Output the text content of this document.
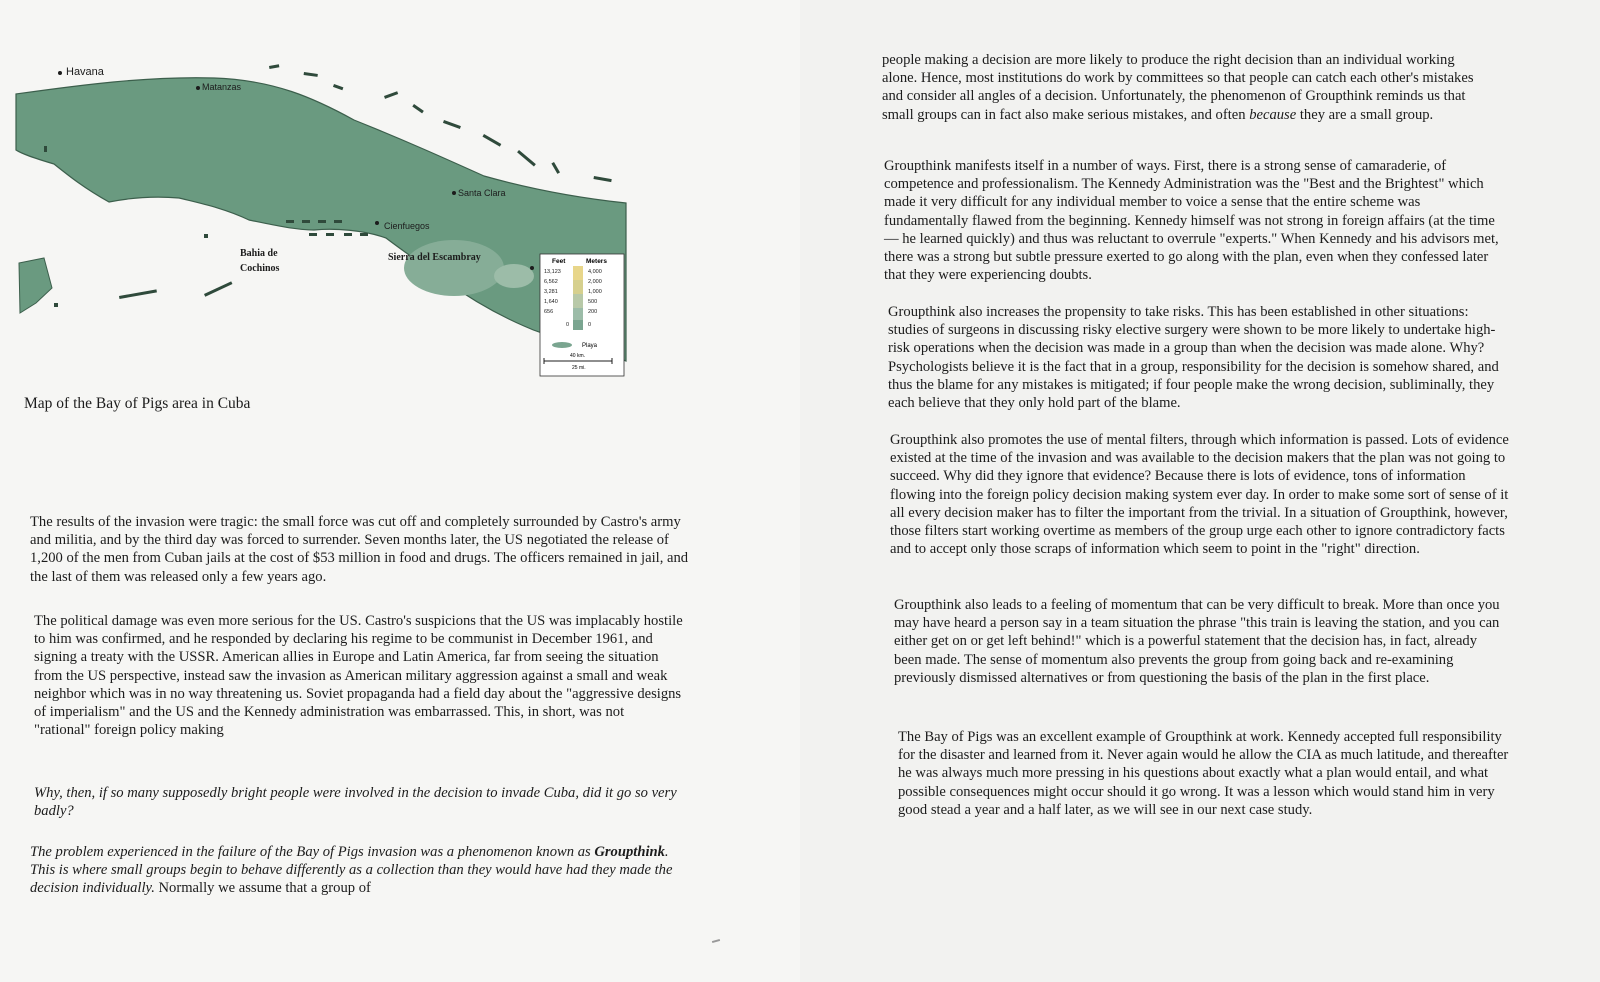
Havana
Matanzas
Santa Clara
Cienfuegos
Bahia de
Cochinos
Sierra del Escambray	Feet	Meters
13,123
6,562
3,281
1,640
656
0
4,000
2,000
1,000
500
200
0
Playa
40 km.
25 mi.
Map of the Bay of Pigs area in Cuba

The results of the invasion were tragic: the small force was cut off and completely surrounded by Castro's army and militia, and by the third day was forced to surrender. Seven months later, the US negotiated the release of 1,200 of the men from Cuban jails at the cost of $53 million in food and drugs. The officers remained in jail, and the last of them was released only a few years ago.

The political damage was even more serious for the US. Castro's suspicions that the US was implacably hostile to him was confirmed, and he responded by declaring his regime to be communist in December 1961, and signing a treaty with the USSR. American allies in Europe and Latin America, far from seeing the situation from the US perspective, instead saw the invasion as American military aggression against a small and weak neighbor which was in no way threatening us. Soviet propaganda had a field day about the "aggressive designs of imperialism" and the US and the Kennedy administration was embarrassed. This, in short, was not "rational" foreign policy making

Why, then, if so many supposedly bright people were involved in the decision to invade Cuba, did it go so very badly?

The problem experienced in the failure of the Bay of Pigs invasion was a phenomenon known as Groupthink. This is where small groups begin to behave differently as a collection than they would have had they made the decision individually. Normally we assume that a group of

people making a decision are more likely to produce the right decision than an individual working alone. Hence, most institutions do work by committees so that people can catch each other's mistakes and consider all angles of a decision. Unfortunately, the phenomenon of Groupthink reminds us that small groups can in fact also make serious mistakes, and often because they are a small group.

Groupthink manifests itself in a number of ways. First, there is a strong sense of camaraderie, of competence and professionalism. The Kennedy Administration was the "Best and the Brightest" which made it very difficult for any individual member to voice a sense that the entire scheme was fundamentally flawed from the beginning. Kennedy himself was not strong in foreign affairs (at the time — he learned quickly) and thus was reluctant to overrule "experts." When Kennedy and his advisors met, there was a strong but subtle pressure exerted to go along with the plan, even when they confessed later that they were experiencing doubts.

Groupthink also increases the propensity to take risks. This has been established in other situations: studies of surgeons in discussing risky elective surgery were shown to be more likely to undertake high-risk operations when the decision was made in a group than when the decision was made alone. Why? Psychologists believe it is the fact that in a group, responsibility for the decision is somehow shared, and thus the blame for any mistakes is mitigated; if four people make the wrong decision, subliminally, they each believe that they only hold part of the blame.

Groupthink also promotes the use of mental filters, through which information is passed. Lots of evidence existed at the time of the invasion and was available to the decision makers that the plan was not going to succeed. Why did they ignore that evidence? Because there is lots of evidence, tons of information flowing into the foreign policy decision making system ever day. In order to make some sort of sense of it all every decision maker has to filter the important from the trivial. In a situation of Groupthink, however, those filters start working overtime as members of the group urge each other to ignore contradictory facts and to accept only those scraps of information which seem to point in the "right" direction.

Groupthink also leads to a feeling of momentum that can be very difficult to break. More than once you may have heard a person say in a team situation the phrase "this train is leaving the station, and you can either get on or get left behind!" which is a powerful statement that the decision has, in fact, already been made. The sense of momentum also prevents the group from going back and re-examining previously dismissed alternatives or from questioning the basis of the plan in the first place.

The Bay of Pigs was an excellent example of Groupthink at work. Kennedy accepted full responsibility for the disaster and learned from it. Never again would he allow the CIA as much latitude, and thereafter he was always much more pressing in his questions about exactly what a plan would entail, and what possible consequences might occur should it go wrong. It was a lesson which would stand him in very good stead a year and a half later, as we will see in our next case study.
